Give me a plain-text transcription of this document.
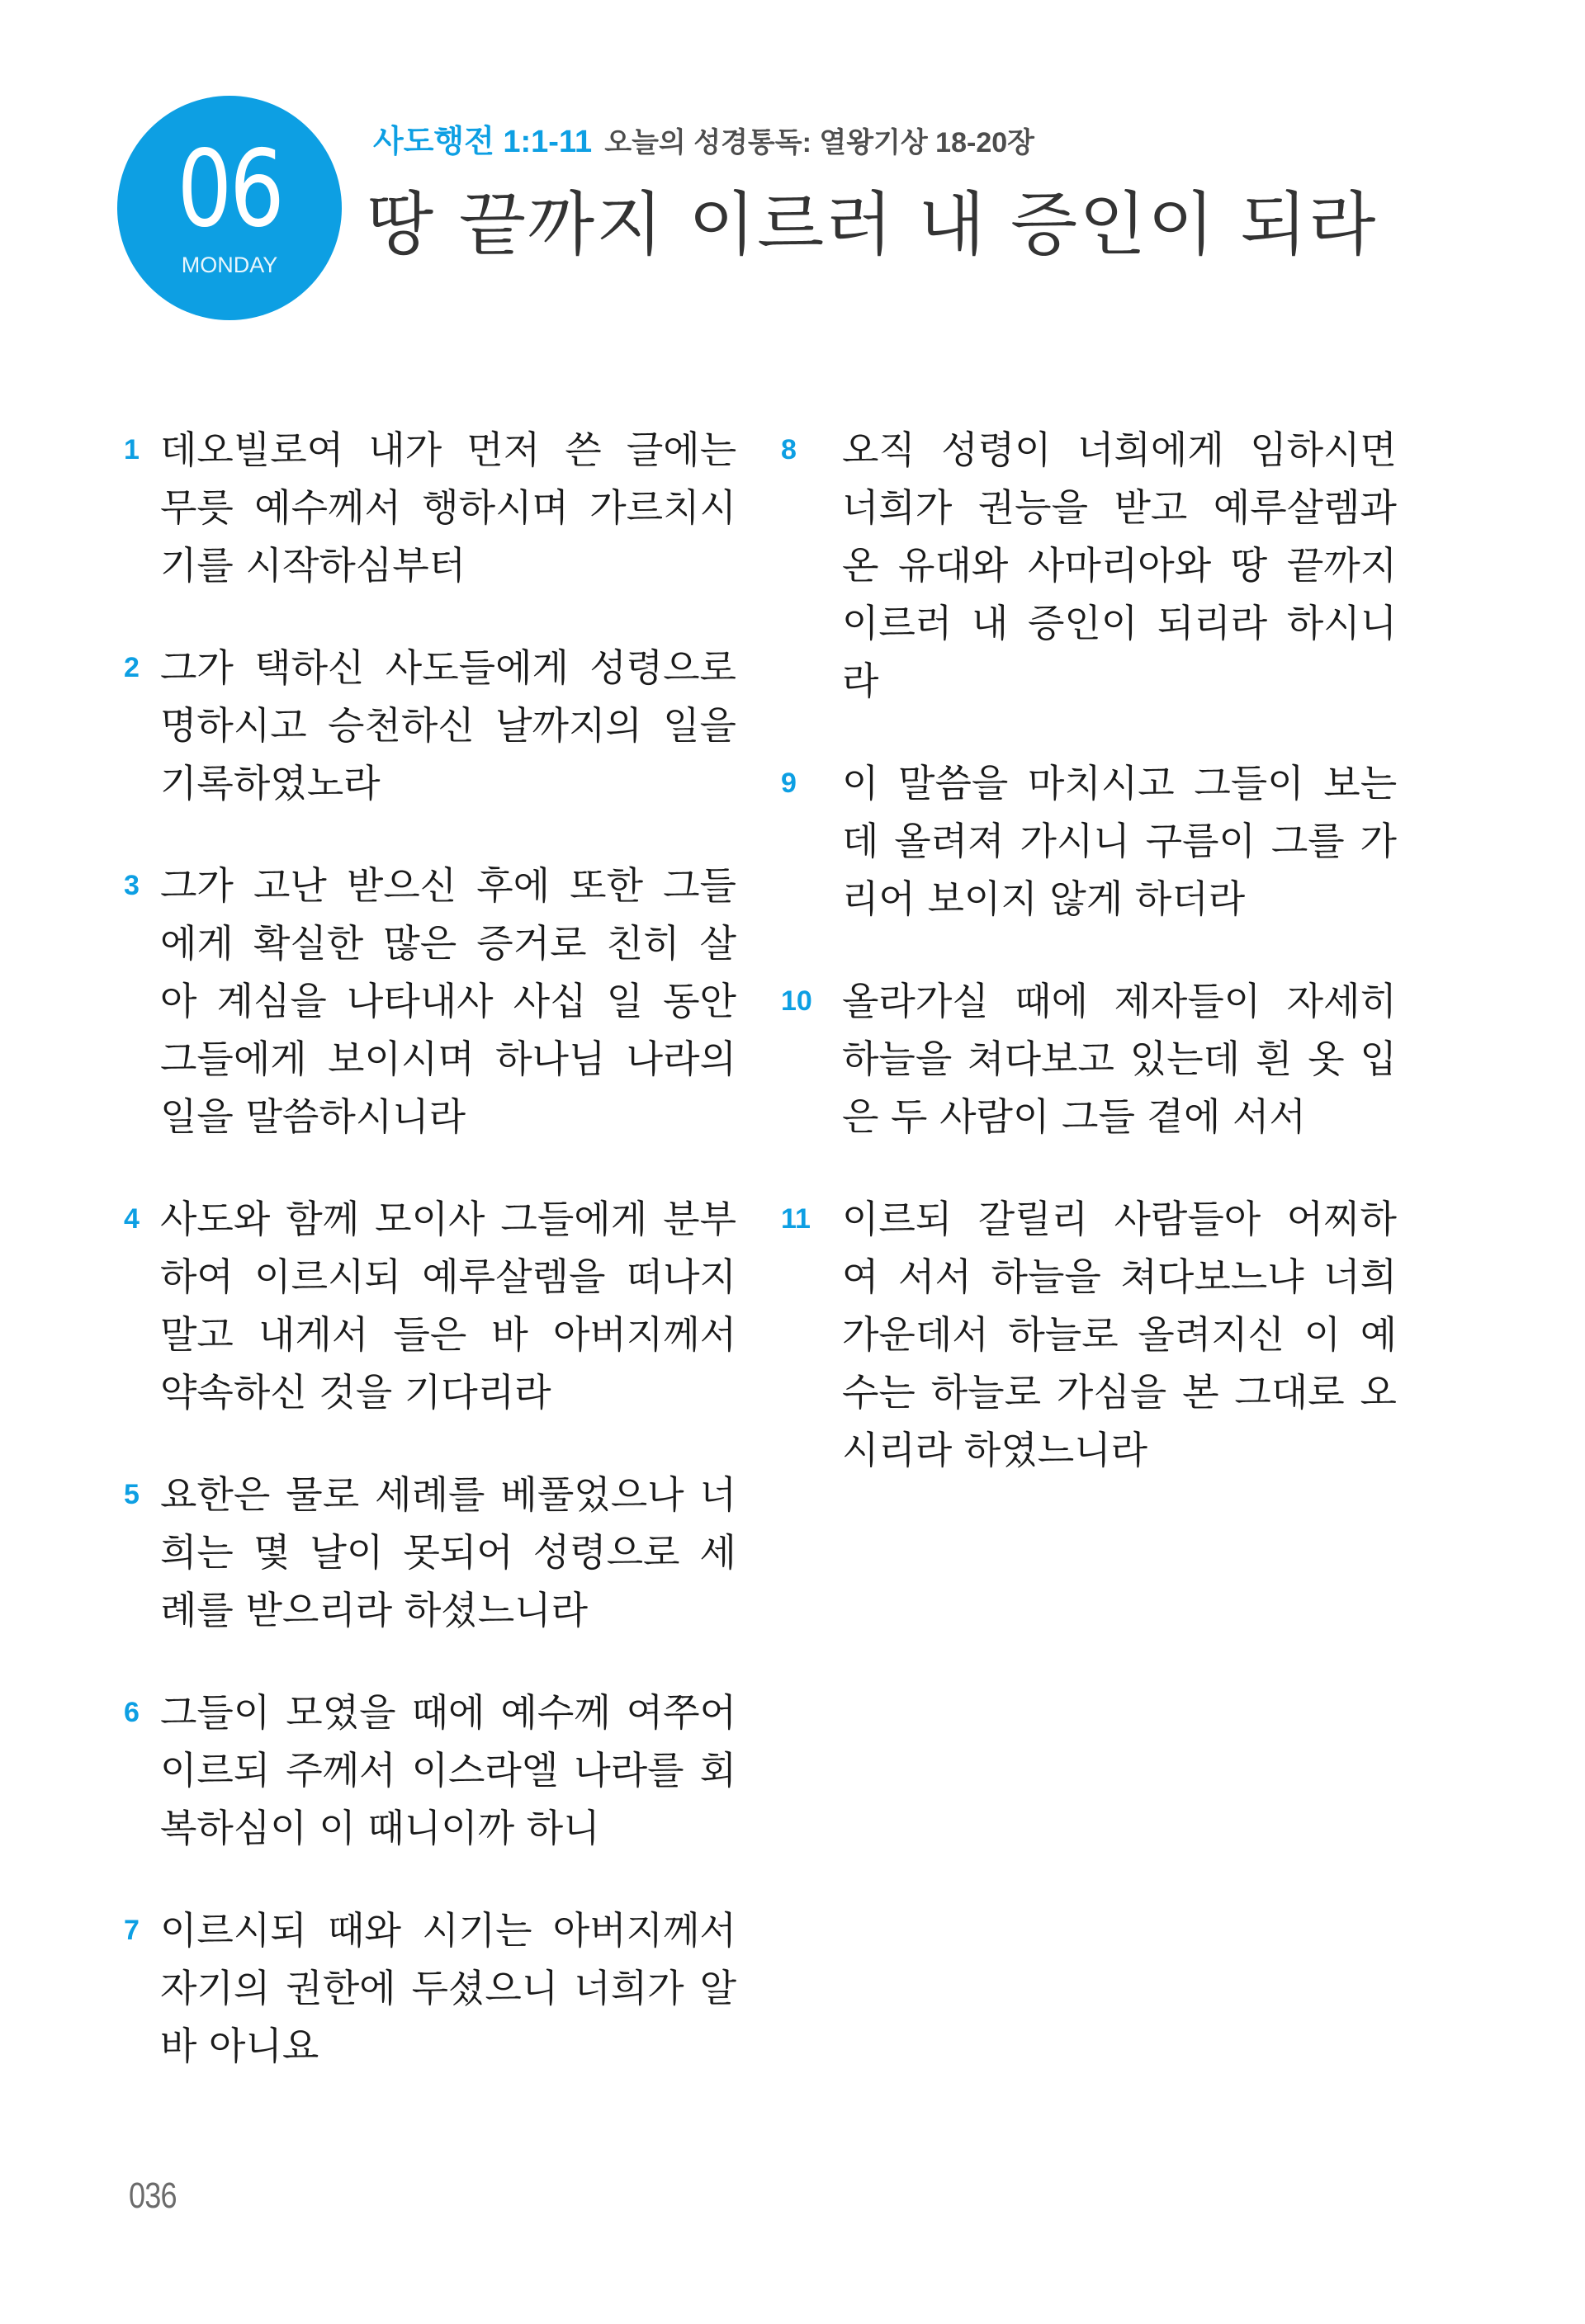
06
MONDAY
사도행전 1:1-11 오늘의 성경통독: 열왕기상 18-20장
땅 끝까지 이르러 내 증인이 되라
1 데오빌로여 내가 먼저 쓴 글에는
무릇 예수께서 행하시며 가르치시
기를 시작하심부터
2 그가 택하신 사도들에게 성령으로
명하시고 승천하신 날까지의 일을
기록하였노라
3 그가 고난 받으신 후에 또한 그들
에게 확실한 많은 증거로 친히 살
아 계심을 나타내사 사십 일 동안
그들에게 보이시며 하나님 나라의
일을 말씀하시니라
4 사도와 함께 모이사 그들에게 분부
하여 이르시되 예루살렘을 떠나지
말고 내게서 들은 바 아버지께서
약속하신 것을 기다리라
5 요한은 물로 세례를 베풀었으나 너
희는 몇 날이 못되어 성령으로 세
례를 받으리라 하셨느니라
6 그들이 모였을 때에 예수께 여쭈어
이르되 주께서 이스라엘 나라를 회
복하심이 이 때니이까 하니
7 이르시되 때와 시기는 아버지께서
자기의 권한에 두셨으니 너희가 알
바 아니요
8 오직 성령이 너희에게 임하시면
너희가 권능을 받고 예루살렘과
온 유대와 사마리아와 땅 끝까지
이르러 내 증인이 되리라 하시니
라
9 이 말씀을 마치시고 그들이 보는
데 올려져 가시니 구름이 그를 가
리어 보이지 않게 하더라
10 올라가실 때에 제자들이 자세히
하늘을 쳐다보고 있는데 흰 옷 입
은 두 사람이 그들 곁에 서서
11 이르되 갈릴리 사람들아 어찌하
여 서서 하늘을 쳐다보느냐 너희
가운데서 하늘로 올려지신 이 예
수는 하늘로 가심을 본 그대로 오
시리라 하였느니라
036
